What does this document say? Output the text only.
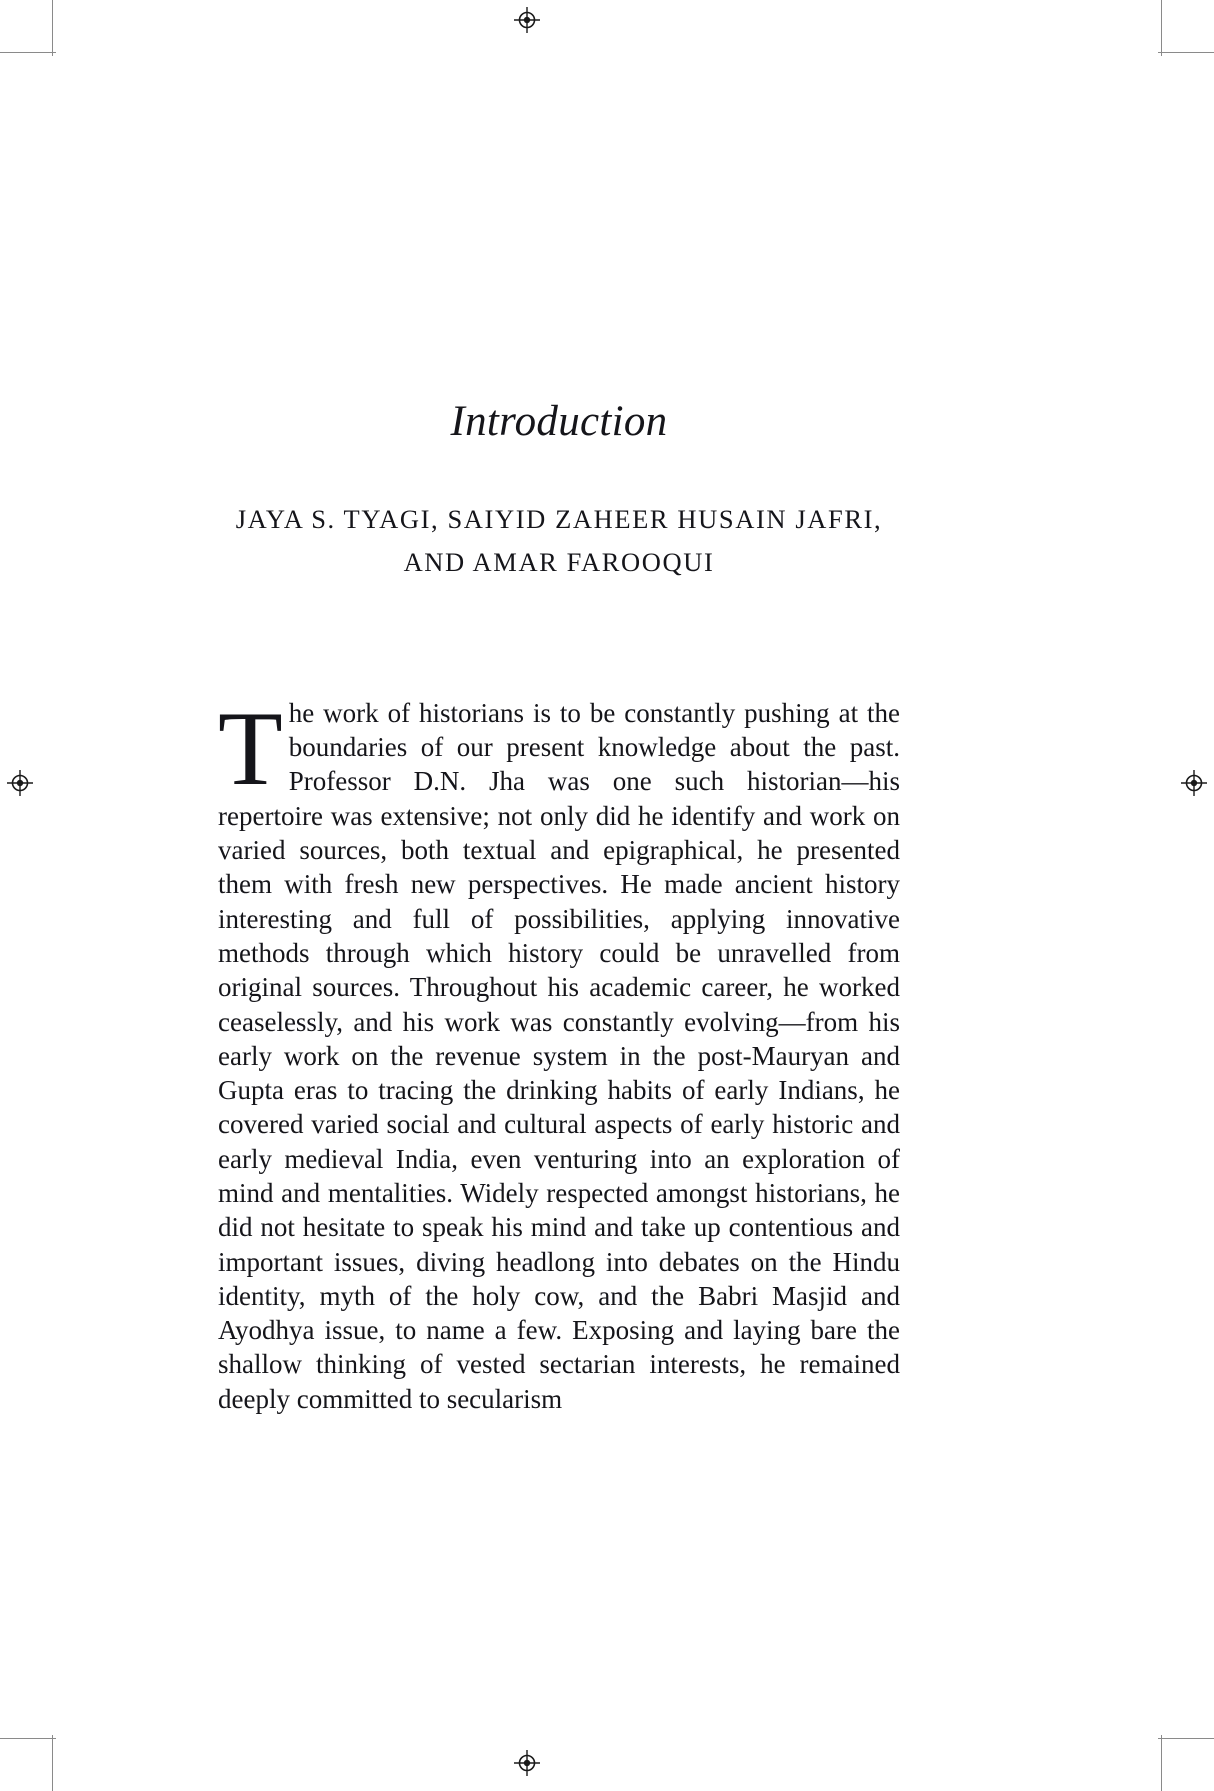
Introduction
JAYA S. TYAGI, SAIYID ZAHEER HUSAIN JAFRI,
AND AMAR FAROOQUI

The work of historians is to be constantly pushing at the boundaries of our present knowledge about the past. Professor D.N. Jha was one such historian—his repertoire was extensive; not only did he identify and work on varied sources, both textual and epigraphical, he presented them with fresh new perspectives. He made ancient history interesting and full of possibilities, applying innovative methods through which history could be unravelled from original sources. Throughout his academic career, he worked ceaselessly, and his work was constantly evolving—from his early work on the revenue system in the post-Mauryan and Gupta eras to tracing the drinking habits of early Indians, he covered varied social and cultural aspects of early historic and early medieval India, even venturing into an exploration of mind and mentalities. Widely respected amongst historians, he did not hesitate to speak his mind and take up contentious and important issues, diving headlong into debates on the Hindu identity, myth of the holy cow, and the Babri Masjid and Ayodhya issue, to name a few. Exposing and laying bare the shallow thinking of vested sectarian interests, he remained deeply committed to secularism
